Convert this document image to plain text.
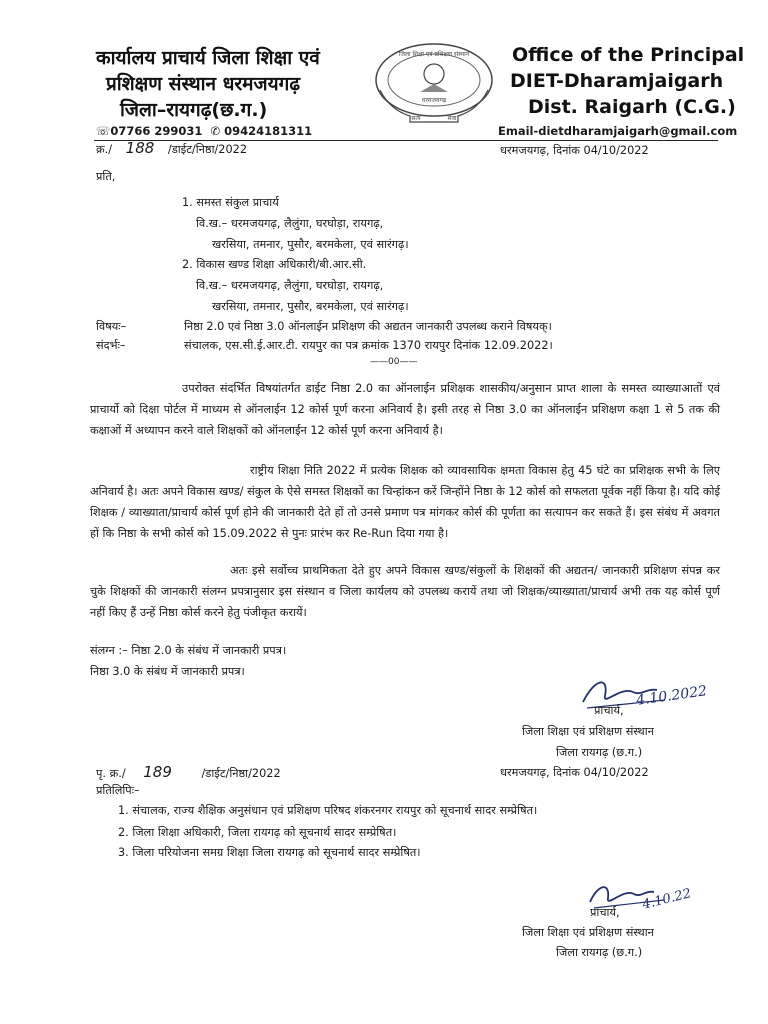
कार्यालय प्राचार्य जिला शिक्षा एवं
प्रशिक्षण संस्थान धरमजयगढ़
जिला–रायगढ़(छ.ग.)
जिला शिक्षा एवं प्रशिक्षण संस्थान
धरमजयगढ़
सत्य	सेवा
Office of the Principal
DIET-Dharamjaigarh
Dist. Raigarh (C.G.)
☏07766 299031 ✆ 09424181311	Email-dietdharamjaigarh@gmail.com
क्र./ 188 /डाईट/निष्ठा/2022	धरमजयगढ़, दिनांक 04/10/2022
प्रति,
1. समस्त संकुल प्राचार्य
वि.ख.– धरमजयगढ़, लैलुंगा, घरघोड़ा, रायगढ़,
खरसिया, तमनार, पुसौर, बरमकेला, एवं सारंगढ़।
2. विकास खण्ड शिक्षा अधिकारी/बी.आर.सी.
वि.ख.– धरमजयगढ़, लैलुंगा, घरघोड़ा, रायगढ़,
खरसिया, तमनार, पुसौर, बरमकेला, एवं सारंगढ़।
विषयः–	निष्ठा 2.0 एवं निष्ठा 3.0 ऑनलाईन प्रशिक्षण की अद्यतन जानकारी उपलब्ध कराने विषयक्।
संदर्भः–	संचालक, एस.सी.ई.आर.टी. रायपुर का पत्र क्रमांक 1370 रायपुर दिनांक 12.09.2022।
——00——
उपरोक्त संदर्भित विषयांतर्गत डाईट निष्ठा 2.0 का ऑनलाईन प्रशिक्षक शासकीय/अनुसान प्राप्त शाला के समस्त व्याख्याआतों एवं प्राचार्यो को दिक्षा पोर्टल में माध्यम से ऑनलाईन 12 कोर्स पूर्ण करना अनिवार्य है। इसी तरह से निष्ठा 3.0 का ऑनलाईन प्रशिक्षण कक्षा 1 से 5 तक की कक्षाओं में अध्यापन करने वाले शिक्षकों को ऑनलाईन 12 कोर्स पूर्ण करना अनिवार्य है।
राष्ट्रीय शिक्षा निति 2022 में प्रत्येक शिक्षक को व्यावसायिक क्षमता विकास हेतु 45 घंटे का प्रशिक्षक सभी के लिए अनिवार्य है। अतः अपने विकास खण्ड/ संकुल के ऐसे समस्त शिक्षकों का चिन्हांकन करें जिन्होंने निष्ठा के 12 कोर्स को सफलता पूर्वक नहीं किया है। यदि कोई शिक्षक / व्याख्याता/प्राचार्य कोर्स पूर्ण होने की जानकारी देते हों तो उनसे प्रमाण पत्र मांगकर कोर्स की पूर्णता का सत्यापन कर सकते हैं। इस संबंध में अवगत हों कि निष्ठा के सभी कोर्स को 15.09.2022 से पुनः प्रारंभ कर Re-Run दिया गया है।
अतः इसे सर्वोच्च प्राथमिकता देते हुए अपने विकास खण्ड/संकुलों के शिक्षकों की अद्यतन/ जानकारी प्रशिक्षण संपन्न कर चुके शिक्षकों की जानकारी संलग्न प्रपत्रानुसार इस संस्थान व जिला कार्यलय को उपलब्ध करायें तथा जो शिक्षक/व्याख्याता/प्राचार्य अभी तक यह कोर्स पूर्ण नहीं किए हैं उन्हें निष्ठा कोर्स करने हेतु पंजीकृत करायें।
संलग्न :– निष्ठा 2.0 के संबंध में जानकारी प्रपत्र।
निष्ठा 3.0 के संबंध में जानकारी प्रपत्र।
4.10.2022
प्राचार्य,
जिला शिक्षा एवं प्रशिक्षण संस्थान
जिला रायगढ़ (छ.ग.)
पृ. क्र./ 189	/डाईट/निष्ठा/2022	धरमजयगढ़, दिनांक 04/10/2022
प्रतिलिपिः–
1. संचालक, राज्य शैक्षिक अनुसंधान एवं प्रशिक्षण परिषद शंकरनगर रायपुर को सूचनार्थ सादर सम्प्रेषित।
2. जिला शिक्षा अधिकारी, जिला रायगढ़ को सूचनार्थ सादर सम्प्रेषित।
3. जिला परियोजना समग्र शिक्षा जिला रायगढ़ को सूचनार्थ सादर सम्प्रेषित।
4.10.22
प्राचार्य,
जिला शिक्षा एवं प्रशिक्षण संस्थान
जिला रायगढ़ (छ.ग.)
